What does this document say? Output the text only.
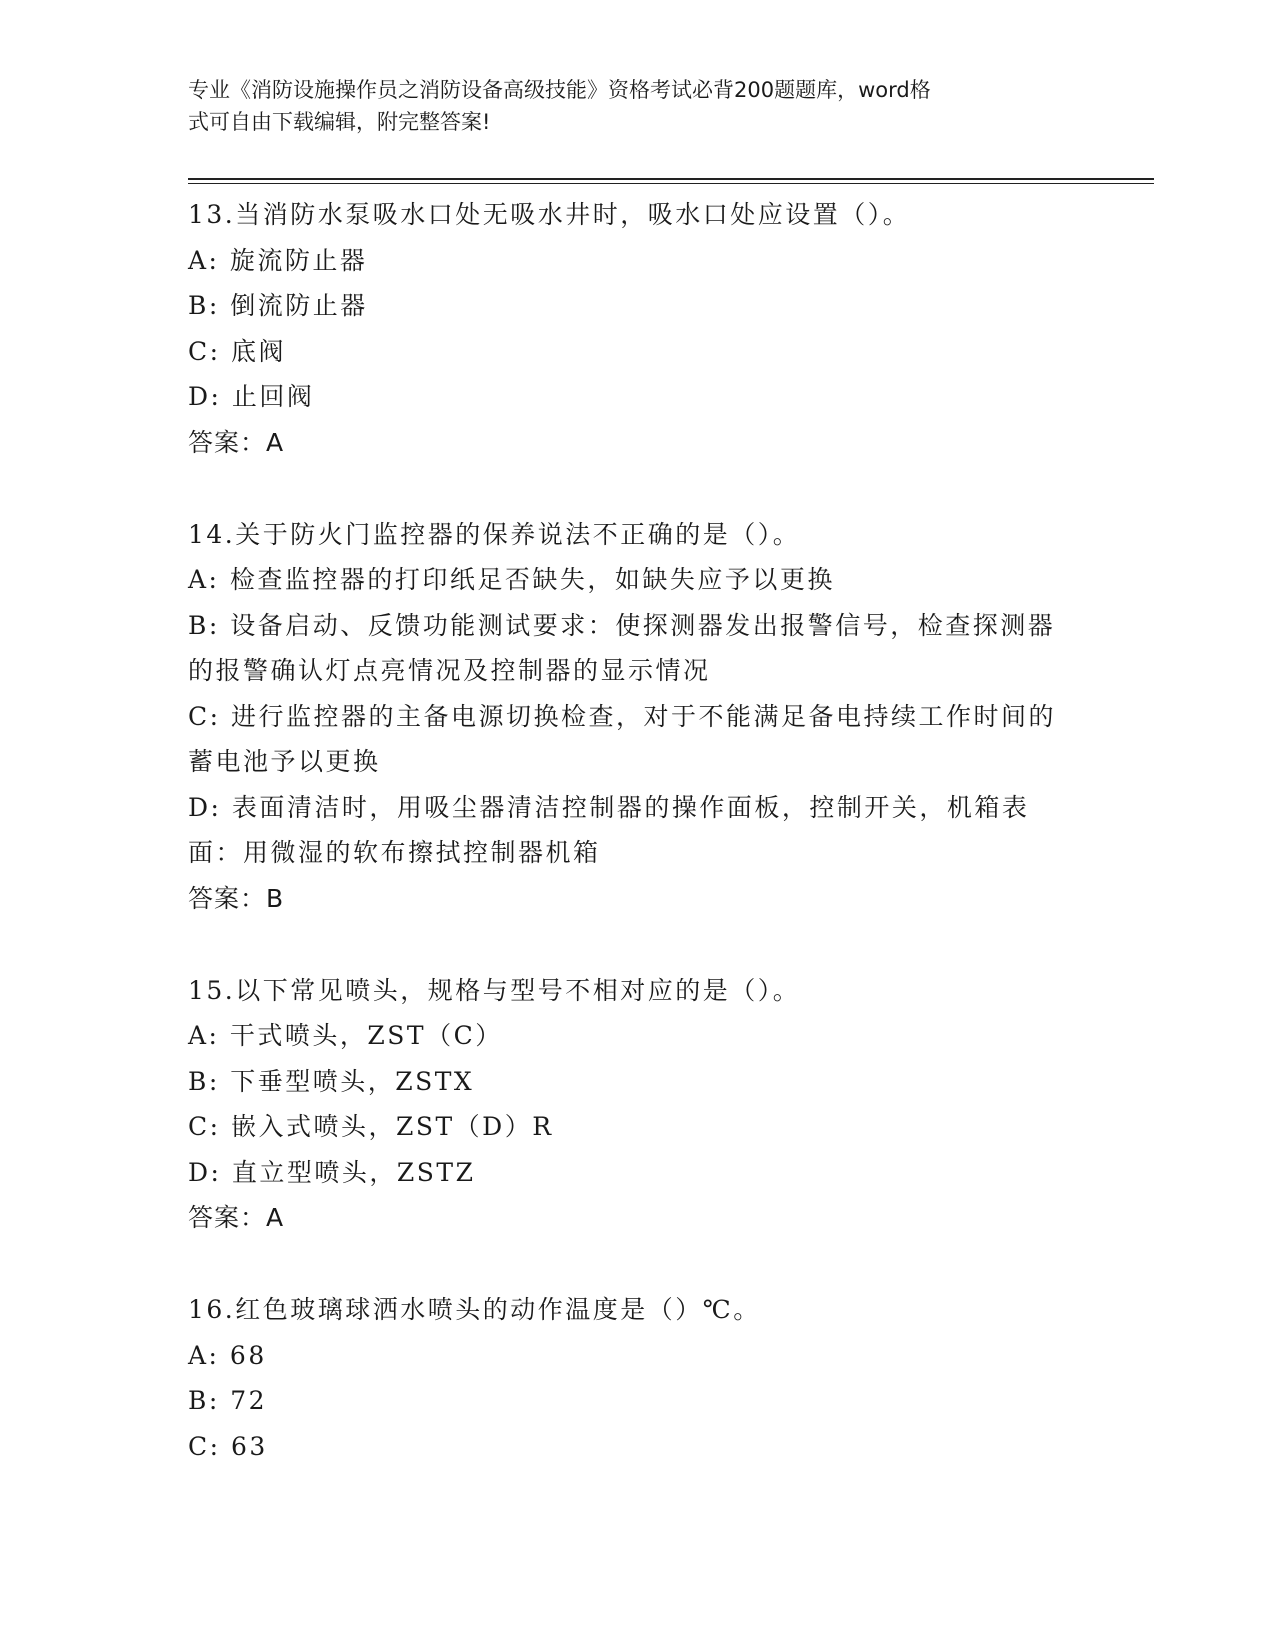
专业《消防设施操作员之消防设备高级技能》资格考试必背200题题库，word格
式可自由下载编辑，附完整答案!
13.当消防水泵吸水口处无吸水井时，吸水口处应设置（）。
A: 旋流防止器
B: 倒流防止器
C: 底阀
D: 止回阀
答案：A
14.关于防火门监控器的保养说法不正确的是（）。
A: 检查监控器的打印纸足否缺失，如缺失应予以更换
B: 设备启动、反馈功能测试要求：使探测器发出报警信号，检查探测器的报警确认灯点亮情况及控制器的显示情况
C: 进行监控器的主备电源切换检查，对于不能满足备电持续工作时间的蓄电池予以更换
D: 表面清洁时，用吸尘器清洁控制器的操作面板，控制开关，机箱表面：用微湿的软布擦拭控制器机箱
答案：B
15.以下常见喷头，规格与型号不相对应的是（）。
A: 干式喷头，ZST（C）
B: 下垂型喷头，ZSTX
C: 嵌入式喷头，ZST（D）R
D: 直立型喷头，ZSTZ
答案：A
16.红色玻璃球洒水喷头的动作温度是（）℃。
A: 68
B: 72
C: 63
